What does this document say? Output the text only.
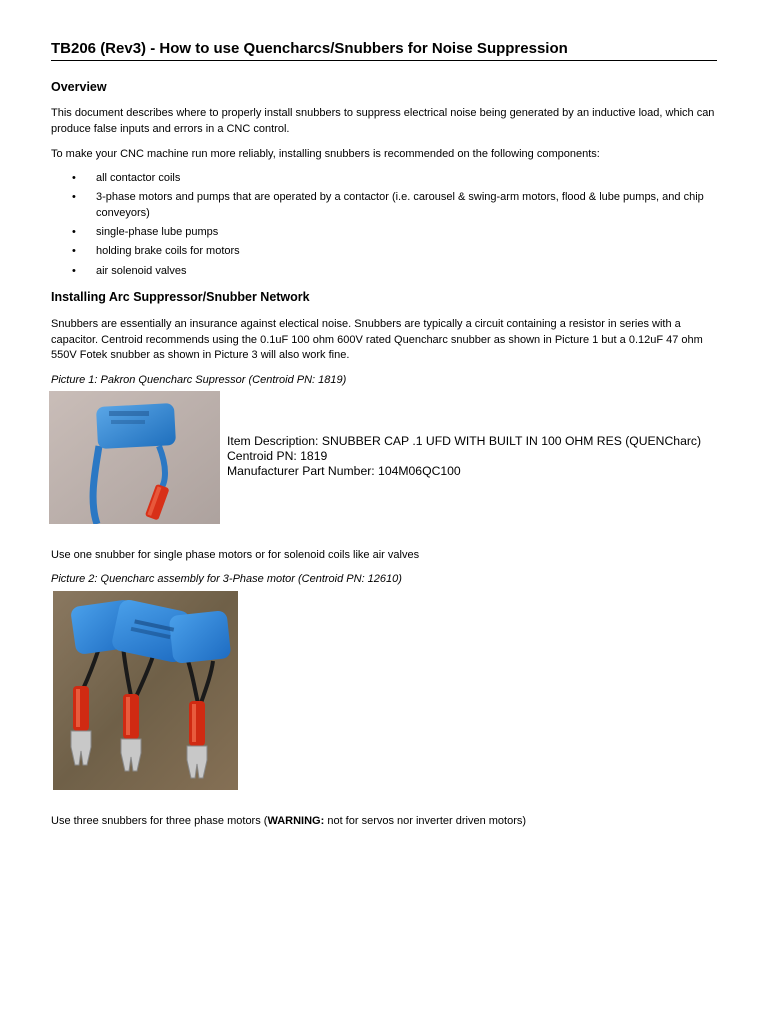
TB206 (Rev3) - How to use Quencharcs/Snubbers for Noise Suppression
Overview
This document describes where to properly install snubbers to suppress electrical noise being generated by an inductive load, which can produce false inputs and errors in a CNC control.
To make your CNC machine run more reliably, installing snubbers is recommended on the following components:
• all contactor coils
• 3-phase motors and pumps that are operated by a contactor (i.e. carousel & swing-arm motors, flood & lube pumps, and chip conveyors)
• single-phase lube pumps
• holding brake coils for motors
• air solenoid valves
Installing Arc Suppressor/Snubber Network
Snubbers are essentially an insurance against electical noise. Snubbers are typically a circuit containing a resistor in series with a capacitor. Centroid recommends using the 0.1uF 100 ohm 600V rated Quencharc snubber as shown in Picture 1 but a 0.12uF 47 ohm 550V Fotek snubber as shown in Picture 3 will also work fine.
Picture 1: Pakron Quencharc Supressor (Centroid PN: 1819)
Item Description: SNUBBER CAP .1 UFD WITH BUILT IN 100 OHM RES (QUENCharc)
Centroid PN: 1819
Manufacturer Part Number: 104M06QC100
Use one snubber for single phase motors or for solenoid coils like air valves
Picture 2: Quencharc assembly for 3-Phase motor (Centroid PN: 12610)
Use three snubbers for three phase motors (WARNING: not for servos nor inverter driven motors)
